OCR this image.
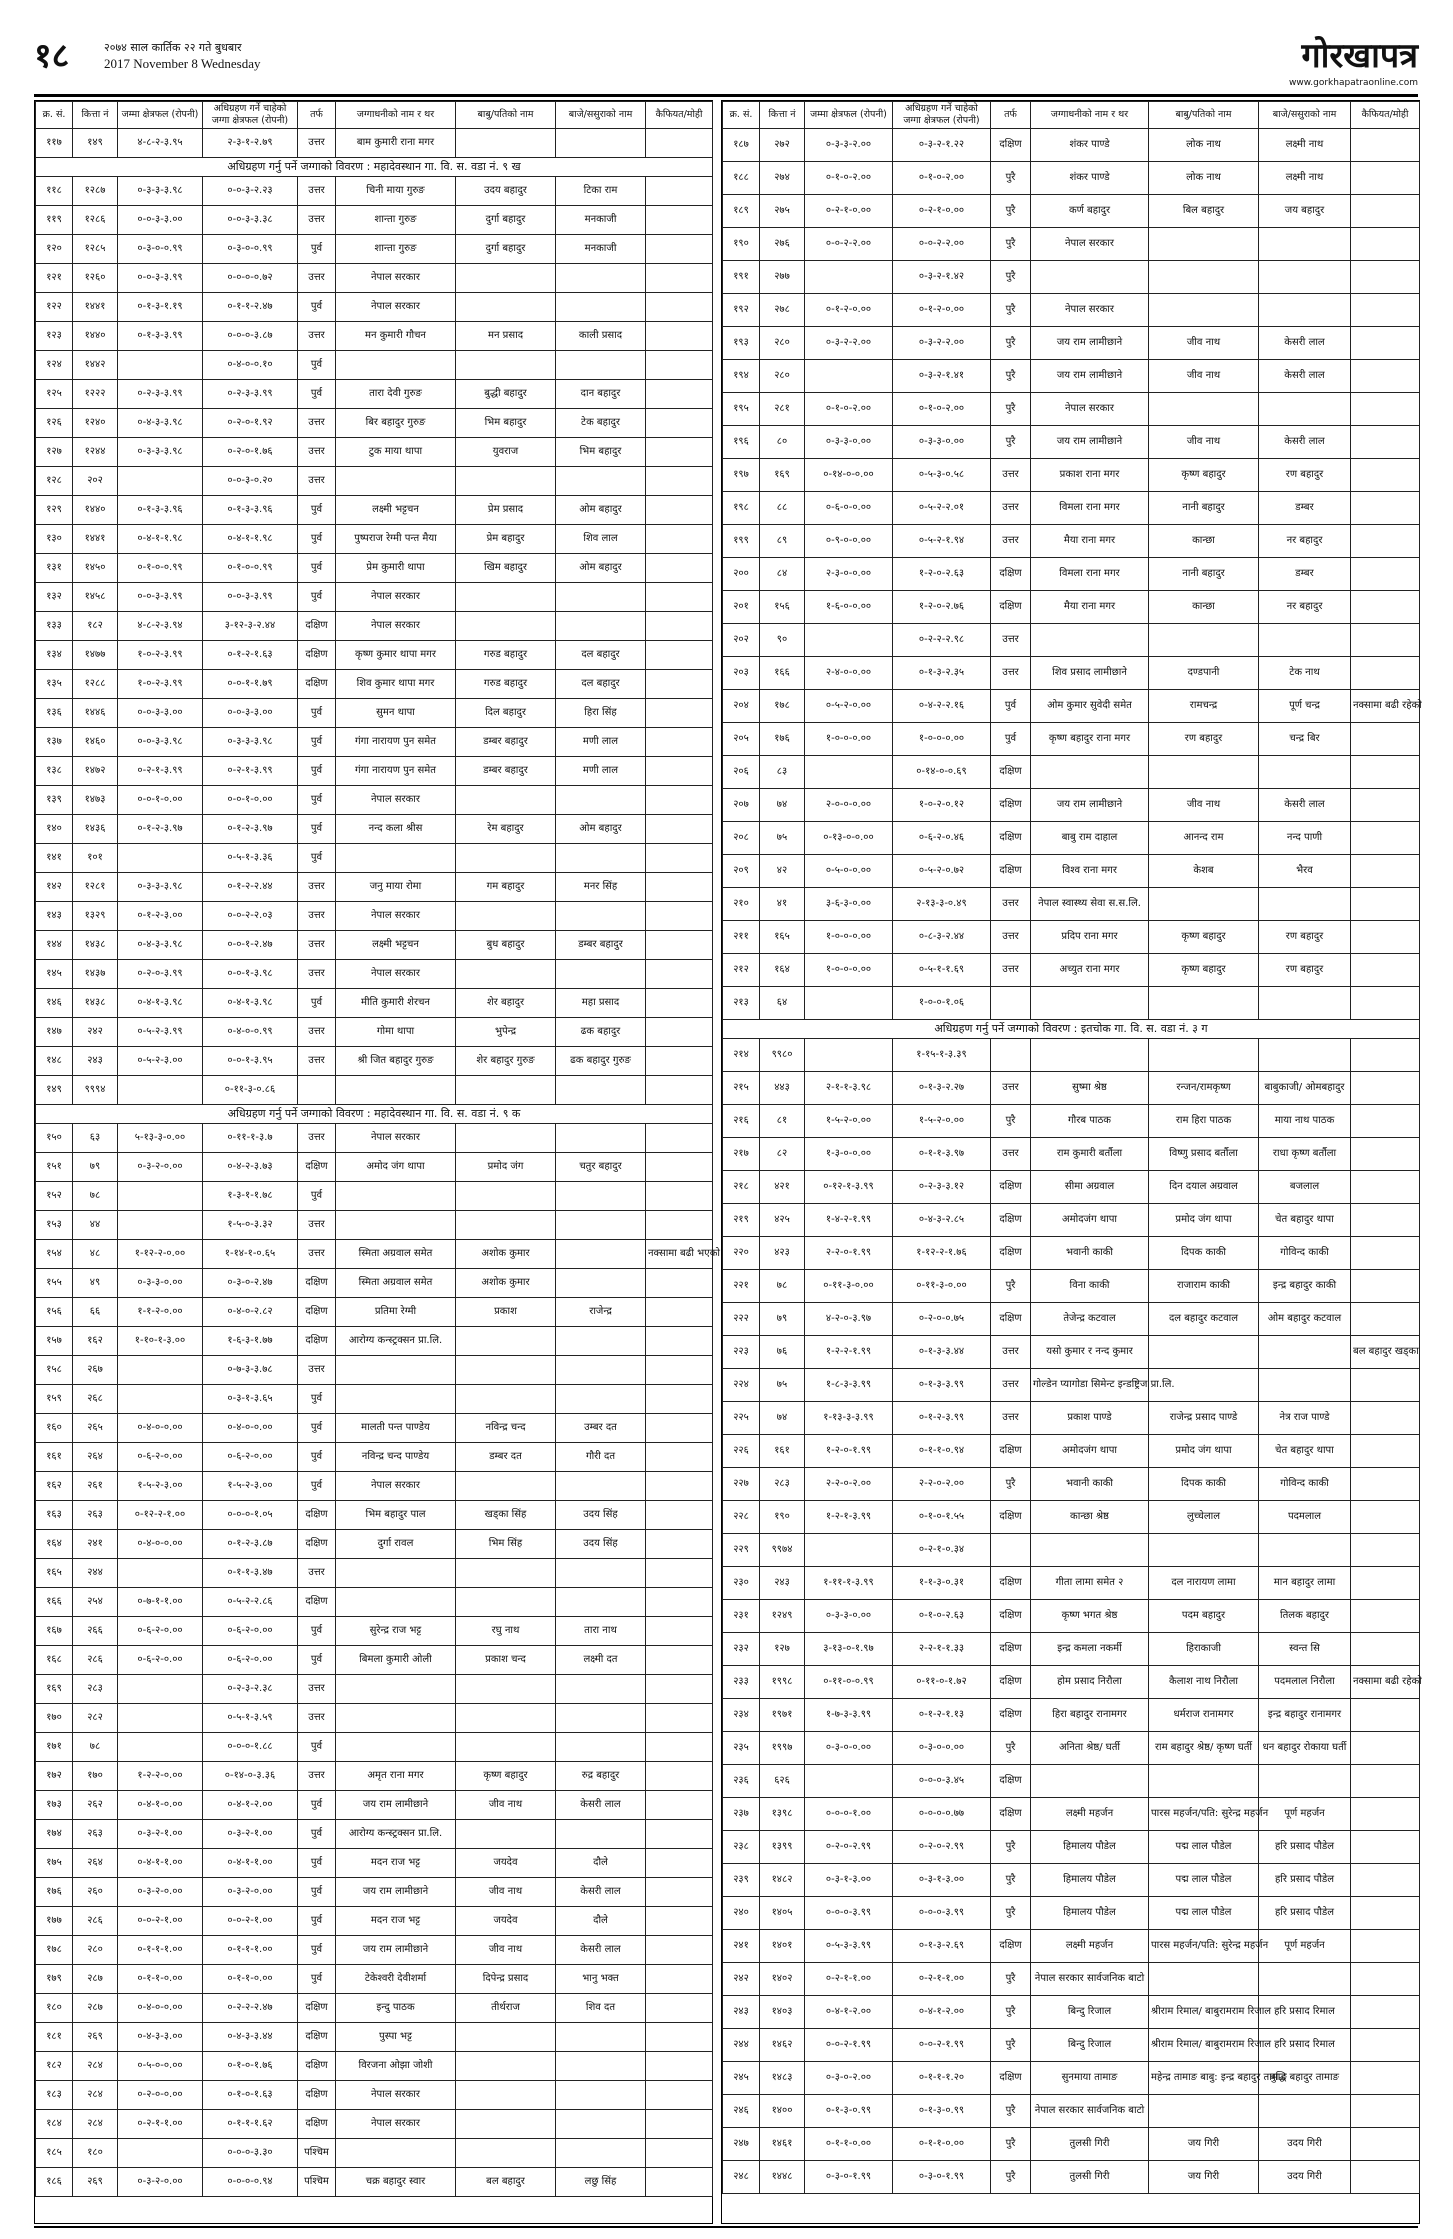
१८	२०७४ साल कार्तिक २२ गते बुधबार
2017 November 8 Wednesday	गोरखापत्र
www.gorkhapatraonline.com
क्र. सं.	कित्ता नं	जम्मा क्षेत्रफल (रोपनी)	अधिग्रहण गर्ने चाहेको जग्गा क्षेत्रफल (रोपनी)	तर्फ	जग्गाधनीको नाम र थर	बाबु/पतिको नाम	बाजे/ससुराको नाम	कैफियत/मोही
११७	१४९	४-८-२-३.९५	२-३-१-२.७९	उत्तर	बाम कुमारी राना मगर			
अधिग्रहण गर्नु पर्ने जग्गाको विवरण : महादेवस्थान गा. वि. स. वडा नं. ९ ख								
११८	१२८७	०-३-३-३.९८	०-०-३-२.२३	उत्तर	चिनी माया गुरुङ	उदय बहादुर	टिका राम	
११९	१२८६	०-०-३-३.००	०-०-३-३.३८	उत्तर	शान्ता गुरुङ	दुर्गा बहादुर	मनकाजी	
१२०	१२८५	०-३-०-०.९९	०-३-०-०.९९	पुर्व	शान्ता गुरुङ	दुर्गा बहादुर	मनकाजी	
१२१	१२६०	०-०-३-३.९९	०-०-०-०.७२	उत्तर	नेपाल सरकार			
१२२	१४४१	०-१-३-१.१९	०-१-१-२.४७	पुर्व	नेपाल सरकार			
१२३	१४४०	०-१-३-३.९९	०-०-०-३.८७	उत्तर	मन कुमारी गौचन	मन प्रसाद	काली प्रसाद	
१२४	१४४२		०-४-०-०.१०	पुर्व				
१२५	१२२२	०-२-३-३.९९	०-२-३-३.९९	पुर्व	तारा देवी गुरुङ	बुद्धी बहादुर	दान बहादुर	
१२६	१२४०	०-४-३-३.९८	०-२-०-१.९२	उत्तर	बिर बहादुर गुरुङ	भिम बहादुर	टेक बहादुर	
१२७	१२४४	०-३-३-३.९८	०-२-०-१.७६	उत्तर	टुक माया थापा	युवराज	भिम बहादुर	
१२८	२०२		०-०-३-०.२०	उत्तर				
१२९	१४४०	०-१-३-३.९६	०-१-३-३.९६	पुर्व	लक्ष्मी भट्टचन	प्रेम प्रसाद	ओम बहादुर	
१३०	१४४१	०-४-१-१.९८	०-४-१-१.९८	पुर्व	पुष्पराज रेग्मी पन्त मैया	प्रेम बहादुर	शिव लाल	
१३१	१४५०	०-१-०-०.९९	०-१-०-०.९९	पुर्व	प्रेम कुमारी थापा	खिम बहादुर	ओम बहादुर	
१३२	१४५८	०-०-३-३.९९	०-०-३-३.९९	पुर्व	नेपाल सरकार			
१३३	१८२	४-८-२-३.९४	३-१२-३-२.४४	दक्षिण	नेपाल सरकार			
१३४	१४७७	१-०-२-३.९९	०-१-२-१.६३	दक्षिण	कृष्ण कुमार थापा मगर	गरुड बहादुर	दल बहादुर	
१३५	१२८८	१-०-२-३.९९	०-०-१-१.७९	दक्षिण	शिव कुमार थापा मगर	गरुड बहादुर	दल बहादुर	
१३६	१४४६	०-०-३-३.००	०-०-३-३.००	पुर्व	सुमन थापा	दिल बहादुर	हिरा सिंह	
१३७	१४६०	०-०-३-३.९८	०-३-३-३.९८	पुर्व	गंगा नारायण पुन समेत	डम्बर बहादुर	मणी लाल	
१३८	१४७२	०-२-१-३.९९	०-२-१-३.९९	पुर्व	गंगा नारायण पुन समेत	डम्बर बहादुर	मणी लाल	
१३९	१४७३	०-०-१-०.००	०-०-१-०.००	पुर्व	नेपाल सरकार			
१४०	१४३६	०-१-२-३.९७	०-१-२-३.९७	पुर्व	नन्द कला श्रीस	रेम बहादुर	ओम बहादुर	
१४१	१०१		०-५-१-३.३६	पुर्व				
१४२	१२८१	०-३-३-३.९८	०-१-२-२.४४	उत्तर	जनु माया रोमा	गम बहादुर	मनर सिंह	
१४३	१३२९	०-१-२-३.००	०-०-२-२.०३	उत्तर	नेपाल सरकार			
१४४	१४३८	०-४-३-३.९८	०-०-१-२.४७	उत्तर	लक्ष्मी भट्टचन	बुध बहादुर	डम्बर बहादुर	
१४५	१४३७	०-२-०-३.९९	०-०-१-३.९८	उत्तर	नेपाल सरकार			
१४६	१४३८	०-४-१-३.९८	०-४-१-३.९८	पुर्व	मीति कुमारी शेरचन	शेर बहादुर	महा प्रसाद	
१४७	२४२	०-५-२-३.९९	०-४-०-०.९९	उत्तर	गोमा थापा	भुपेन्द्र	ढक बहादुर	
१४८	२४३	०-५-२-३.००	०-०-१-३.९५	उत्तर	श्री जित बहादुर गुरुङ	शेर बहादुर गुरुङ	ढक बहादुर गुरुङ	
१४९	९९९४		०-११-३-०.८६					
अधिग्रहण गर्नु पर्ने जग्गाको विवरण : महादेवस्थान गा. वि. स. वडा नं. ९ क								
१५०	६३	५-१३-३-०.००	०-११-१-३.७	उत्तर	नेपाल सरकार			
१५१	७९	०-३-२-०.००	०-४-२-३.७३	दक्षिण	अमोद जंग थापा	प्रमोद जंग	चतुर बहादुर	
१५२	७८		१-३-१-१.७८	पुर्व				
१५३	४४		१-५-०-३.३२	उत्तर				
१५४	४८	१-१२-२-०.००	१-१४-१-०.६५	उत्तर	स्मिता अग्रवाल समेत	अशोक कुमार		नक्सामा बढी भएको
१५५	४९	०-३-३-०.००	०-३-०-२.४७	दक्षिण	स्मिता अग्रवाल समेत	अशोक कुमार		
१५६	६६	१-१-२-०.००	०-४-०-२.८२	दक्षिण	प्रतिमा रेग्मी	प्रकाश	राजेन्द्र	
१५७	१६२	१-१०-१-३.००	१-६-३-१.७७	दक्षिण	आरोग्य कन्स्ट्रक्सन प्रा.लि.			
१५८	२६७		०-७-३-३.७८	उत्तर				
१५९	२६८		०-३-१-३.६५	पुर्व				
१६०	२६५	०-४-०-०.००	०-४-०-०.००	पुर्व	मालती पन्त पाण्डेय	नविन्द्र चन्द	उम्बर दत	
१६१	२६४	०-६-२-०.००	०-६-२-०.००	पुर्व	नविन्द्र चन्द पाण्डेय	डम्बर दत	गौरी दत	
१६२	२६१	१-५-२-३.००	१-५-२-३.००	पुर्व	नेपाल सरकार			
१६३	२६३	०-१२-२-१.००	०-०-०-१.०५	दक्षिण	भिम बहादुर पाल	खड्का सिंह	उदय सिंह	
१६४	२४१	०-४-०-०.००	०-१-२-३.८७	दक्षिण	दुर्गा रावल	भिम सिंह	उदय सिंह	
१६५	२४४		०-१-१-३.४७	उत्तर				
१६६	२५४	०-७-१-१.००	०-५-२-२.८६	दक्षिण				
१६७	२६६	०-६-२-०.००	०-६-२-०.००	पुर्व	सुरेन्द्र राज भट्ट	रघु नाथ	तारा नाथ	
१६८	२८६	०-६-२-०.००	०-६-२-०.००	पुर्व	बिमला कुमारी ओली	प्रकाश चन्द	लक्ष्मी दत	
१६९	२८३		०-२-३-२.३८	उत्तर				
१७०	२८२		०-५-१-३.५९	उत्तर				
१७१	७८		०-०-०-१.८८	पुर्व				
१७२	१७०	१-२-२-०.००	०-१४-०-३.३६	उत्तर	अमृत राना मगर	कृष्ण बहादुर	रुद्र बहादुर	
१७३	२६२	०-४-१-०.००	०-४-१-२.००	पुर्व	जय राम लामीछाने	जीव नाथ	केसरी लाल	
१७४	२६३	०-३-२-१.००	०-३-२-१.००	पुर्व	आरोग्य कन्स्ट्रक्सन प्रा.लि.			
१७५	२६४	०-४-१-१.००	०-४-१-१.००	पुर्व	मदन राज भट्ट	जयदेव	दौले	
१७६	२६०	०-३-२-०.००	०-३-२-०.००	पुर्व	जय राम लामीछाने	जीव नाथ	केसरी लाल	
१७७	२८६	०-०-२-१.००	०-०-२-१.००	पुर्व	मदन राज भट्ट	जयदेव	दौले	
१७८	२८०	०-१-१-१.००	०-१-१-१.००	पुर्व	जय राम लामीछाने	जीव नाथ	केसरी लाल	
१७९	२८७	०-१-१-०.००	०-१-१-०.००	पुर्व	टेकेश्वरी देवीशर्मा	दिपेन्द्र प्रसाद	भानु भक्त	
१८०	२८७	०-४-०-०.००	०-२-२-२.४७	दक्षिण	इन्दु पाठक	तीर्थराज	शिव दत	
१८१	२६९	०-४-३-३.००	०-४-३-३.४४	दक्षिण	पुस्पा भट्ट			
१८२	२८४	०-५-०-०.००	०-१-०-१.७६	दक्षिण	विरजना ओझा जोशी			
१८३	२८४	०-२-०-०.००	०-१-०-१.६३	दक्षिण	नेपाल सरकार			
१८४	२८४	०-२-१-१.००	०-१-१-१.६२	दक्षिण	नेपाल सरकार			
१८५	१८०		०-०-०-३.३०	पश्चिम				
१८६	२६९	०-३-२-०.००	०-०-०-०.९४	पश्चिम	चक्र बहादुर स्वार	बल बहादुर	लछु सिंह	
क्र. सं.	कित्ता नं	जम्मा क्षेत्रफल (रोपनी)	अधिग्रहण गर्ने चाहेको जग्गा क्षेत्रफल (रोपनी)	तर्फ	जग्गाधनीको नाम र थर	बाबु/पतिको नाम	बाजे/ससुराको नाम	कैफियत/मोही
१८७	२७२	०-३-३-२.००	०-३-२-१.२२	दक्षिण	शंकर पाण्डे	लोक नाथ	लक्ष्मी नाथ	
१८८	२७४	०-१-०-२.००	०-१-०-२.००	पुरै	शंकर पाण्डे	लोक नाथ	लक्ष्मी नाथ	
१८९	२७५	०-२-१-०.००	०-२-१-०.००	पुरै	कर्ण बहादुर	बिल बहादुर	जय बहादुर	
१९०	२७६	०-०-२-२.००	०-०-२-२.००	पुरै	नेपाल सरकार			
१९१	२७७		०-३-२-१.४२	पुरै				
१९२	२७८	०-१-२-०.००	०-१-२-०.००	पुरै	नेपाल सरकार			
१९३	२८०	०-३-२-२.००	०-३-२-२.००	पुरै	जय राम लामीछाने	जीव नाथ	केसरी लाल	
१९४	२८०		०-३-२-१.४१	पुरै	जय राम लामीछाने	जीव नाथ	केसरी लाल	
१९५	२८१	०-१-०-२.००	०-१-०-२.००	पुरै	नेपाल सरकार			
१९६	८०	०-३-३-०.००	०-३-३-०.००	पुरै	जय राम लामीछाने	जीव नाथ	केसरी लाल	
१९७	१६९	०-१४-०-०.००	०-५-३-०.५८	उत्तर	प्रकाश राना मगर	कृष्ण बहादुर	रण बहादुर	
१९८	८८	०-६-०-०.००	०-५-२-२.०१	उत्तर	विमला राना मगर	नानी बहादुर	डम्बर	
१९९	८९	०-९-०-०.००	०-५-२-१.९४	उत्तर	मैया राना मगर	कान्छा	नर बहादुर	
२००	८४	२-३-०-०.००	१-२-०-२.६३	दक्षिण	विमला राना मगर	नानी बहादुर	डम्बर	
२०१	१५६	१-६-०-०.००	१-२-०-२.७६	दक्षिण	मैया राना मगर	कान्छा	नर बहादुर	
२०२	९०		०-२-२-२.९८	उत्तर				
२०३	१६६	२-४-०-०.००	०-१-३-२.३५	उत्तर	शिव प्रसाद लामीछाने	दण्डपानी	टेक नाथ	
२०४	१७८	०-५-२-०.००	०-४-२-२.१६	पुर्व	ओम कुमार सुवेदी समेत	रामचन्द्र	पूर्ण चन्द्र	नक्सामा बढी रहेको
२०५	१७६	१-०-०-०.००	१-०-०-०.००	पुर्व	कृष्ण बहादुर राना मगर	रण बहादुर	चन्द्र बिर	
२०६	८३		०-१४-०-०.६९	दक्षिण				
२०७	७४	२-०-०-०.००	१-०-२-०.१२	दक्षिण	जय राम लामीछाने	जीव नाथ	केसरी लाल	
२०८	७५	०-१३-०-०.००	०-६-२-०.४६	दक्षिण	बाबु राम दाहाल	आनन्द राम	नन्द पाणी	
२०९	४२	०-५-०-०.००	०-५-२-०.७२	दक्षिण	विश्व राना मगर	केशब	भैरव	
२१०	४१	३-६-३-०.००	२-१३-३-०.४९	उत्तर	नेपाल स्वास्थ्य सेवा स.स.लि.			
२११	१६५	१-०-०-०.००	०-८-३-२.४४	उत्तर	प्रदिप राना मगर	कृष्ण बहादुर	रण बहादुर	
२१२	१६४	१-०-०-०.००	०-५-१-१.६९	उत्तर	अच्युत राना मगर	कृष्ण बहादुर	रण बहादुर	
२१३	६४		१-०-०-१.०६					
अधिग्रहण गर्नु पर्ने जग्गाको विवरण : इतचोक गा. वि. स. वडा नं. ३ ग								
२१४	९९८०		१-१५-१-३.३९					
२१५	४४३	२-१-१-३.९८	०-१-३-२.२७	उत्तर	सुष्मा श्रेष्ठ	रन्जन/रामकृष्ण	बाबुकाजी/ ओमबहादुर	
२१६	८१	१-५-२-०.००	१-५-२-०.००	पुरै	गौरब पाठक	राम हिरा पाठक	माया नाथ पाठक	
२१७	८२	१-३-०-०.००	०-१-१-३.९७	उत्तर	राम कुमारी बर्तौला	विष्णु प्रसाद बर्तौला	राधा कृष्ण बर्तौला	
२१८	४२१	०-१२-१-३.९९	०-२-३-३.१२	दक्षिण	सीमा अग्रवाल	दिन दयाल अग्रवाल	बजलाल	
२१९	४२५	१-४-२-१.९९	०-४-३-२.८५	दक्षिण	अमोदजंग थापा	प्रमोद जंग थापा	चेत बहादुर थापा	
२२०	४२३	२-२-०-१.९९	१-१२-२-१.७६	दक्षिण	भवानी काकी	दिपक काकी	गोविन्द काकी	
२२१	७८	०-११-३-०.००	०-११-३-०.००	पुरै	विना काकी	राजाराम काकी	इन्द्र बहादुर काकी	
२२२	७९	४-२-०-३.९७	०-२-०-०.७५	दक्षिण	तेजेन्द्र कटवाल	दल बहादुर कटवाल	ओम बहादुर कटवाल	
२२३	७६	१-२-२-१.९९	०-१-३-३.४४	उत्तर	यसो कुमार र नन्द कुमार			बल बहादुर खड्का
२२४	७५	१-८-३-३.९९	०-१-३-३.९९	उत्तर	गोल्डेन प्यागोडा सिमेन्ट इन्डष्ट्रिज प्रा.लि.			
२२५	७४	१-१३-३-३.९९	०-१-२-३.९९	उत्तर	प्रकाश पाण्डे	राजेन्द्र प्रसाद पाण्डे	नेत्र राज पाण्डे	
२२६	१६१	१-२-०-१.९९	०-१-१-०.९४	दक्षिण	अमोदजंग थापा	प्रमोद जंग थापा	चेत बहादुर थापा	
२२७	२८३	२-२-०-२.००	२-२-०-२.००	पुरै	भवानी काकी	दिपक काकी	गोविन्द काकी	
२२८	१९०	१-२-१-३.९९	०-१-०-१.५५	दक्षिण	कान्छा श्रेष्ठ	लुच्चेलाल	पदमलाल	
२२९	९९७४		०-२-१-०.३४					
२३०	२४३	१-११-१-३.९९	१-१-३-०.३१	दक्षिण	गीता लामा समेत २	दल नारायण लामा	मान बहादुर लामा	
२३१	१२४९	०-३-३-०.००	०-१-०-२.६३	दक्षिण	कृष्ण भगत श्रेष्ठ	पदम बहादुर	तिलक बहादुर	
२३२	१२७	३-१३-०-१.९७	२-२-१-१.३३	दक्षिण	इन्द्र कमला नकर्मी	हिराकाजी	स्वन्त सि	
२३३	१९९८	०-११-०-०.९९	०-११-०-१.७२	दक्षिण	होम प्रसाद निरौला	कैलाश नाथ निरौला	पदमलाल निरौला	नक्सामा बढी रहेको
२३४	१९७१	१-७-३-३.९९	०-१-२-१.१३	दक्षिण	हिरा बहादुर रानामगर	धर्मराज रानामगर	इन्द्र बहादुर रानामगर	
२३५	१९९७	०-३-०-०.००	०-३-०-०.००	पुरै	अनिता श्रेष्ठ/ घर्ती	राम बहादुर श्रेष्ठ/ कृष्ण घर्ती	धन बहादुर रोकाया घर्ती	
२३६	६२६		०-०-०-३.४५	दक्षिण				
२३७	१३९८	०-०-०-१.००	०-०-०-०.७७	दक्षिण	लक्ष्मी महर्जन	पारस महर्जन/पति: सुरेन्द्र महर्जन	पूर्ण महर्जन	
२३८	१३९९	०-२-०-२.९९	०-२-०-२.९९	पुरै	हिमालय पौडेल	पद्म लाल पौडेल	हरि प्रसाद पौडेल	
२३९	१४८२	०-३-१-३.००	०-३-१-३.००	पुरै	हिमालय पौडेल	पद्म लाल पौडेल	हरि प्रसाद पौडेल	
२४०	१४०५	०-०-०-३.९९	०-०-०-३.९९	पुरै	हिमालय पौडेल	पद्म लाल पौडेल	हरि प्रसाद पौडेल	
२४१	१४०१	०-५-३-३.९९	०-१-३-२.६९	दक्षिण	लक्ष्मी महर्जन	पारस महर्जन/पति: सुरेन्द्र महर्जन	पूर्ण महर्जन	
२४२	१४०२	०-२-१-१.००	०-२-१-१.००	पुरै	नेपाल सरकार सार्वजनिक बाटो			
२४३	१४०३	०-४-१-२.००	०-४-१-२.००	पुरै	बिन्दु रिजाल	श्रीराम रिमाल/ बाबुरामराम रिजाल	हरि प्रसाद रिमाल	
२४४	१४६२	०-०-२-१.९९	०-०-२-१.९९	पुरै	बिन्दु रिजाल	श्रीराम रिमाल/ बाबुरामराम रिजाल	हरि प्रसाद रिमाल	
२४५	१४८३	०-३-०-२.००	०-१-१-१.२०	दक्षिण	सुनमाया तामाङ	महेन्द्र तामाङ बाबु: इन्द्र बहादुर तामाङ	बुद्धि बहादुर तामाङ	
२४६	१४००	०-१-३-०.९९	०-१-३-०.९९	पुरै	नेपाल सरकार सार्वजनिक बाटो			
२४७	१४६१	०-१-१-०.००	०-१-१-०.००	पुरै	तुलसी गिरी	जय गिरी	उदय गिरी	
२४८	१४४८	०-३-०-१.९९	०-३-०-१.९९	पुरै	तुलसी गिरी	जय गिरी	उदय गिरी	
